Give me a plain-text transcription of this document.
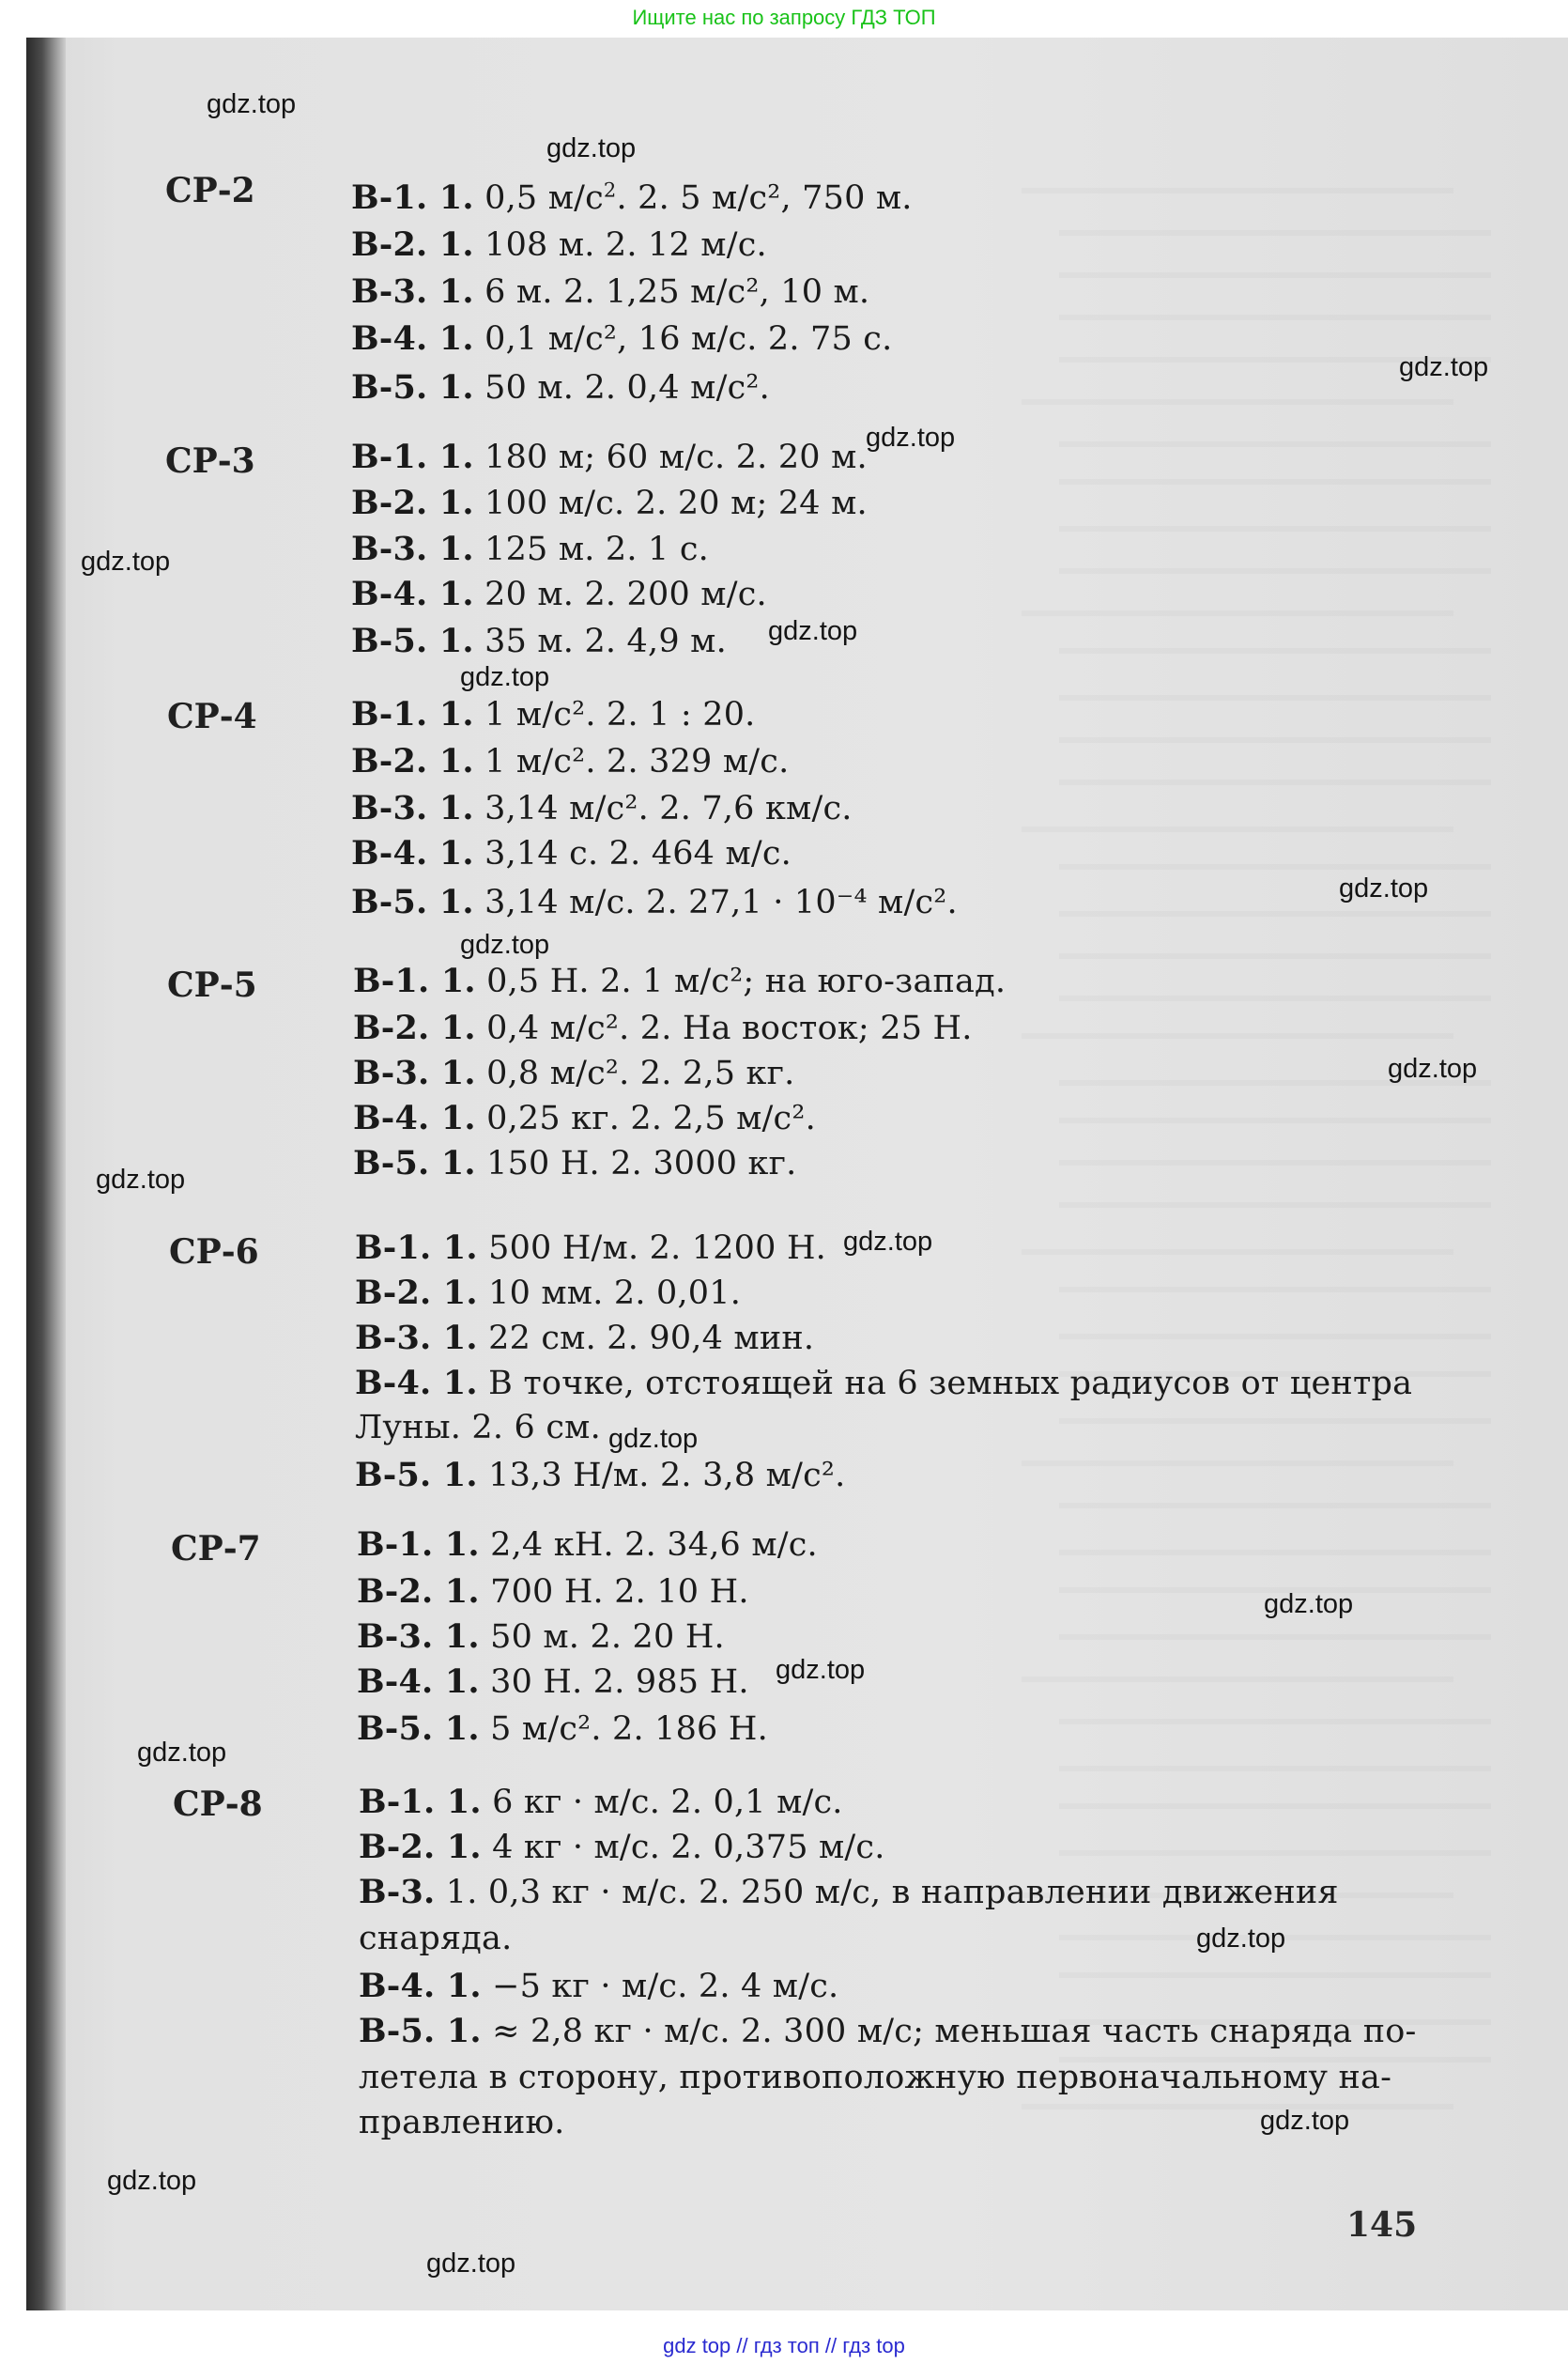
Ищите нас по запросу ГДЗ ТОП
СР-2	В-1. 1. 0,5 $м/с^2$. 2. 5 м/с², 750 м.
В-2. 1. 108 м. 2. 12 м/с.
В-3. 1. 6 м. 2. 1,25 м/с², 10 м.
В-4. 1. 0,1 м/с², 16 м/с. 2. 75 с.
В-5. 1. 50 м. 2. 0,4 м/с².
СР-3	В-1. 1. 180 м; 60 м/с. 2. 20 м.
В-2. 1. 100 м/с. 2. 20 м; 24 м.
В-3. 1. 125 м. 2. 1 с.
В-4. 1. 20 м. 2. 200 м/с.
В-5. 1. 35 м. 2. 4,9 м.
СР-4	В-1. 1. 1 м/с². 2. 1 : 20.
В-2. 1. 1 м/с². 2. 329 м/с.
В-3. 1. 3,14 м/с². 2. 7,6 км/с.
В-4. 1. 3,14 с. 2. 464 м/с.
В-5. 1. 3,14 м/с. 2. 27,1 · 10⁻⁴ м/с².
СР-5	В-1. 1. 0,5 Н. 2. 1 м/с²; на юго-запад.
В-2. 1. 0,4 м/с². 2. На восток; 25 Н.
В-3. 1. 0,8 м/с². 2. 2,5 кг.
В-4. 1. 0,25 кг. 2. 2,5 м/с².
В-5. 1. 150 Н. 2. 3000 кг.
СР-6	В-1. 1. 500 Н/м. 2. 1200 Н.
В-2. 1. 10 мм. 2. 0,01.
В-3. 1. 22 см. 2. 90,4 мин.
В-4. 1. В точке, отстоящей на 6 земных радиусов от центра
Луны. 2. 6 см.
В-5. 1. 13,3 Н/м. 2. 3,8 м/с².
СР-7	В-1. 1. 2,4 кН. 2. 34,6 м/с.
В-2. 1. 700 Н. 2. 10 Н.
В-3. 1. 50 м. 2. 20 Н.
В-4. 1. 30 Н. 2. 985 Н.
В-5. 1. 5 м/с². 2. 186 Н.
СР-8	В-1. 1. 6 кг · м/с. 2. 0,1 м/с.
В-2. 1. 4 кг · м/с. 2. 0,375 м/с.
В-3. 1. 0,3 кг · м/с. 2. 250 м/с, в направлении движения
снаряда.
В-4. 1. −5 кг · м/с. 2. 4 м/с.
В-5. 1. ≈ 2,8 кг · м/с. 2. 300 м/с; меньшая часть снаряда по-
летела в сторону, противоположную первоначальному на-
правлению.
145
gdz.top
gdz.top
gdz.top
gdz.top
gdz.top
gdz.top
gdz.top
gdz.top
gdz.top
gdz.top
gdz.top
gdz.top
gdz.top
gdz.top
gdz.top
gdz.top
gdz.top
gdz.top
gdz.top
gdz.top
gdz top // гдз топ // гдз top
